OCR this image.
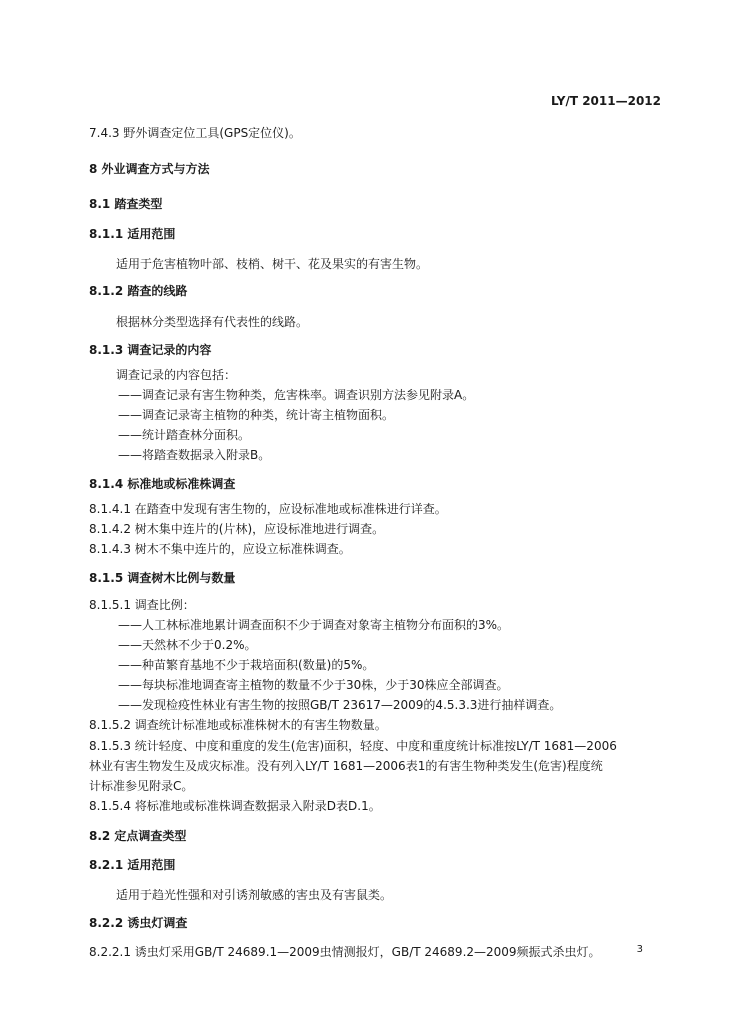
LY/T 2011—2012
7.4.3 野外调查定位工具(GPS定位仪)。
8 外业调查方式与方法
8.1 踏查类型
8.1.1 适用范围
适用于危害植物叶部、枝梢、树干、花及果实的有害生物。
8.1.2 踏查的线路
根据林分类型选择有代表性的线路。
8.1.3 调查记录的内容
调查记录的内容包括：
——调查记录有害生物种类，危害株率。调查识别方法参见附录A。
——调查记录寄主植物的种类，统计寄主植物面积。
——统计踏查林分面积。
——将踏查数据录入附录B。
8.1.4 标准地或标准株调查
8.1.4.1 在踏查中发现有害生物的，应设标准地或标准株进行详查。
8.1.4.2 树木集中连片的(片林)，应设标准地进行调查。
8.1.4.3 树木不集中连片的，应设立标准株调查。
8.1.5 调查树木比例与数量
8.1.5.1 调查比例：
——人工林标准地累计调查面积不少于调查对象寄主植物分布面积的3%。
——天然林不少于0.2%。
——种苗繁育基地不少于栽培面积(数量)的5%。
——每块标准地调查寄主植物的数量不少于30株，少于30株应全部调查。
——发现检疫性林业有害生物的按照GB/T 23617—2009的4.5.3.3进行抽样调查。
8.1.5.2 调查统计标准地或标准株树木的有害生物数量。
8.1.5.3 统计轻度、中度和重度的发生(危害)面积，轻度、中度和重度统计标准按LY/T 1681—2006
林业有害生物发生及成灾标准。没有列入LY/T 1681—2006表1的有害生物种类发生(危害)程度统
计标准参见附录C。
8.1.5.4 将标准地或标准株调查数据录入附录D表D.1。
8.2 定点调查类型
8.2.1 适用范围
适用于趋光性强和对引诱剂敏感的害虫及有害鼠类。
8.2.2 诱虫灯调查
8.2.2.1 诱虫灯采用GB/T 24689.1—2009虫情测报灯，GB/T 24689.2—2009频振式杀虫灯。	3
